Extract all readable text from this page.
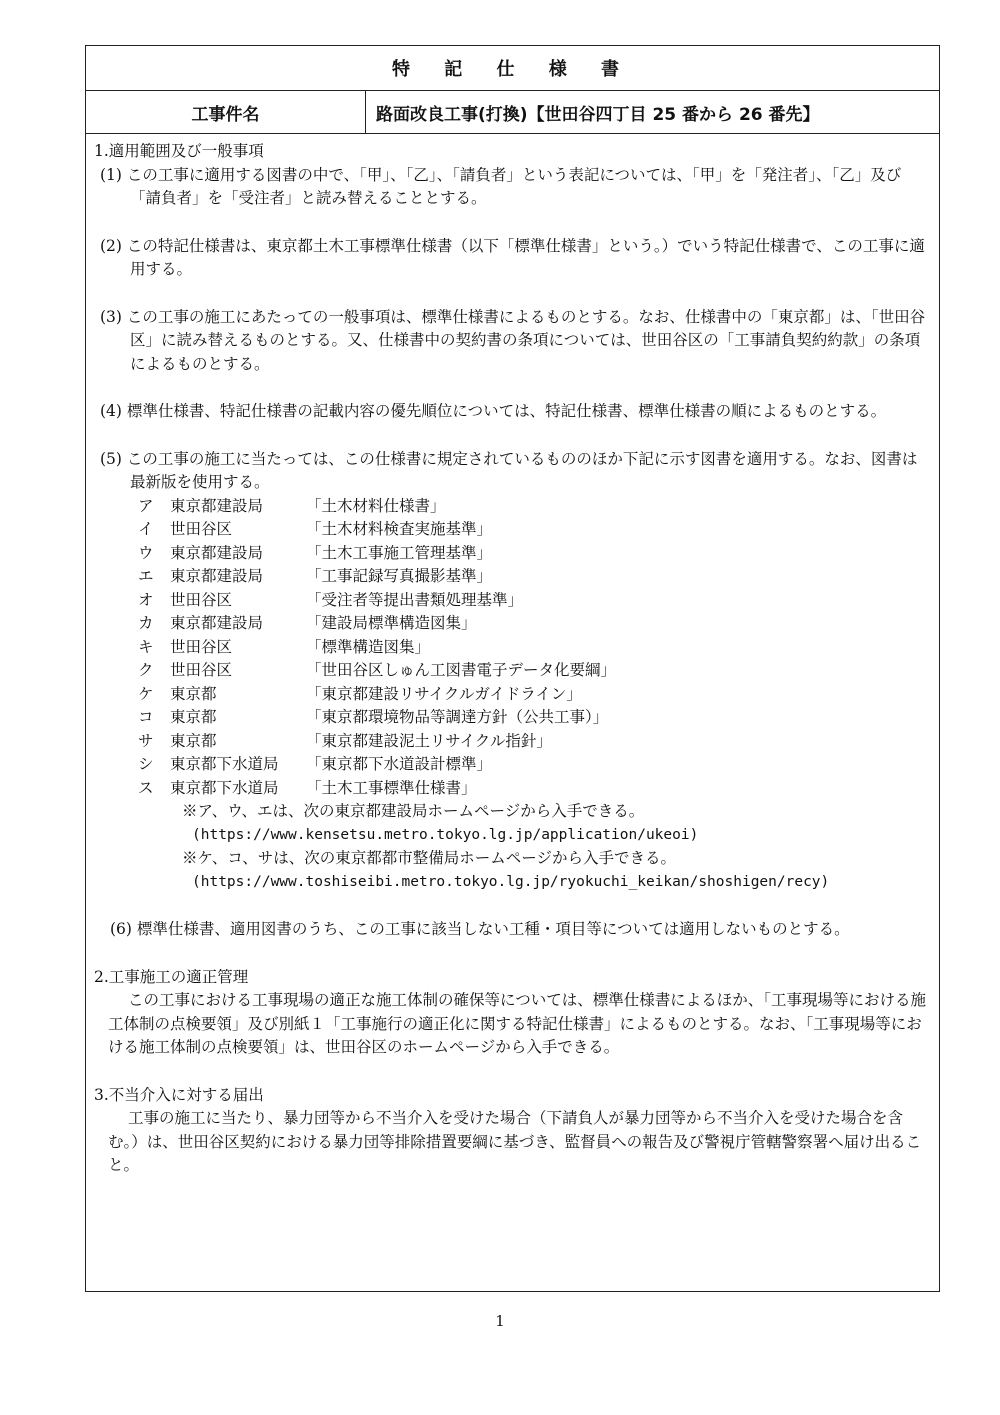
特 記 仕 様 書
工事件名	路面改良工事(打換)【世田谷四丁目 25 番から 26 番先】

1.適用範囲及び一般事項

(1) この工事に適用する図書の中で、「甲」、「乙」、「請負者」という表記については、「甲」を「発注者」、「乙」及び「請負者」を「受注者」と読み替えることとする。

(2) この特記仕様書は、東京都土木工事標準仕様書（以下「標準仕様書」という。）でいう特記仕様書で、この工事に適用する。

(3) この工事の施工にあたっての一般事項は、標準仕様書によるものとする。なお、仕様書中の「東京都」は、「世田谷区」に読み替えるものとする。又、仕様書中の契約書の条項については、世田谷区の「工事請負契約約款」の条項によるものとする。

(4) 標準仕様書、特記仕様書の記載内容の優先順位については、特記仕様書、標準仕様書の順によるものとする。

(5) この工事の施工に当たっては、この仕様書に規定されているもののほか下記に示す図書を適用する。なお、図書は最新版を使用する。

ア	東京都建設局	「土木材料仕様書」
イ	世田谷区	「土木材料検査実施基準」
ウ	東京都建設局	「土木工事施工管理基準」
エ	東京都建設局	「工事記録写真撮影基準」
オ	世田谷区	「受注者等提出書類処理基準」
カ	東京都建設局	「建設局標準構造図集」
キ	世田谷区	「標準構造図集」
ク	世田谷区	「世田谷区しゅん工図書電子データ化要綱」
ケ	東京都	「東京都建設リサイクルガイドライン」
コ	東京都	「東京都環境物品等調達方針（公共工事）」
サ	東京都	「東京都建設泥土リサイクル指針」
シ	東京都下水道局	「東京都下水道設計標準」
ス	東京都下水道局	「土木工事標準仕様書」
※ア、ウ、エは、次の東京都建設局ホームページから入手できる。
(https://www.kensetsu.metro.tokyo.lg.jp/application/ukeoi)
※ケ、コ、サは、次の東京都都市整備局ホームページから入手できる。
(https://www.toshiseibi.metro.tokyo.lg.jp/ryokuchi_keikan/shoshigen/recy)

(6) 標準仕様書、適用図書のうち、この工事に該当しない工種・項目等については適用しないものとする。

2.工事施工の適正管理

この工事における工事現場の適正な施工体制の確保等については、標準仕様書によるほか、「工事現場等における施工体制の点検要領」及び別紙１「工事施行の適正化に関する特記仕様書」によるものとする。なお、「工事現場等における施工体制の点検要領」は、世田谷区のホームページから入手できる。

3.不当介入に対する届出

工事の施工に当たり、暴力団等から不当介入を受けた場合（下請負人が暴力団等から不当介入を受けた場合を含む。）は、世田谷区契約における暴力団等排除措置要綱に基づき、監督員への報告及び警視庁管轄警察署へ届け出ること。

1
